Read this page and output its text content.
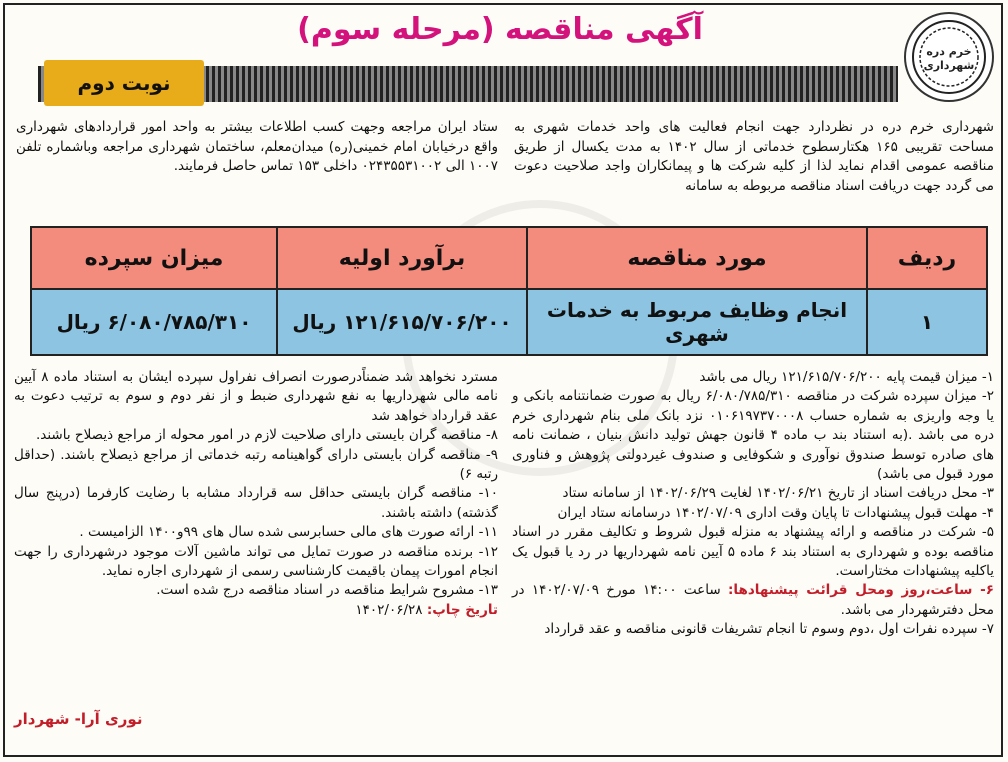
خرم دره
شهرداری
آگهی مناقصه (مرحله سوم)
نوبت دوم
شهرداری خرم دره در نظردارد جهت انجام فعالیت های واحد خدمات شهری به مساحت تقریبی ۱۶۵ هکتارسطوح خدماتی از سال ۱۴۰۲ به مدت یکسال از طریق مناقصه عمومی اقدام نماید لذا از کلیه شرکت ها و پیمانکاران واجد صلاحیت دعوت می گردد جهت دریافت اسناد مناقصه مربوطه به سامانه
ستاد ایران مراجعه وجهت کسب اطلاعات بیشتر به واحد امور قراردادهای شهرداری واقع درخیابان امام خمینی(ره) میدان‌معلم، ساختمان شهرداری مراجعه وباشماره تلفن ۱۰۰۷ الی ۰۲۴۳۵۵۳۱۰۰۲ داخلی ۱۵۳ تماس حاصل فرمایند.
ردیف	مورد مناقصه	برآورد اولیه	میزان سپرده
۱	انجام وظایف مربوط به خدمات شهری	۱۲۱/۶۱۵/۷۰۶/۲۰۰ ریال	۶/۰۸۰/۷۸۵/۳۱۰ ریال

۱- میزان قیمت پایه ۱۲۱/۶۱۵/۷۰۶/۲۰۰ ریال می باشد

۲- میزان سپرده شرکت در مناقصه ۶/۰۸۰/۷۸۵/۳۱۰ ریال به صورت ضمانتنامه بانکی و یا وجه واریزی به شماره حساب ۰۱۰۶۱۹۷۳۷۰۰۰۸ نزد بانک ملی بنام شهرداری خرم دره می باشد .(به استناد بند ب ماده ۴ قانون جهش تولید دانش بنیان ، ضمانت نامه های صادره توسط صندوق نوآوری و شکوفایی و صندوف غیردولتی پژوهش و فناوری مورد قبول می باشد)

۳- محل دریافت اسناد از تاریخ ۱۴۰۲/۰۶/۲۱ لغایت ۱۴۰۲/۰۶/۲۹ از سامانه ستاد

۴- مهلت قبول پیشنهادات تا پایان وقت اداری ۱۴۰۲/۰۷/۰۹ درسامانه ستاد ایران

۵- شرکت در مناقصه و ارائه پیشنهاد به منزله قبول شروط و تکالیف مقرر در اسناد مناقصه بوده و شهرداری به استناد بند ۶ ماده ۵ آیین نامه شهرداریها در رد یا قبول یک یاکلیه پیشنهادات مختاراست.

۶- ساعت،روز ومحل قرائت پیشنهادها: ساعت ۱۴:۰۰ مورخ ۱۴۰۲/۰۷/۰۹ در محل دفترشهردار می باشد.

۷- سپرده نفرات اول ،دوم وسوم تا انجام تشریفات قانونی مناقصه و عقد قرارداد

مسترد نخواهد شد ضمناًدرصورت انصراف نفراول سپرده ایشان به استناد ماده ۸ آیین نامه مالی شهرداریها به نفع شهرداری ضبط و از نفر دوم و سوم به ترتیب دعوت به عقد قرارداد خواهد شد

۸- مناقصه گران بایستی دارای صلاحیت لازم در امور محوله از مراجع ذیصلاح باشند.

۹- مناقصه گران بایستی دارای گواهینامه رتبه خدماتی از مراجع ذیصلاح باشند. (حداقل رتبه ۶)

۱۰- مناقصه گران بایستی حداقل سه قرارداد مشابه با رضایت کارفرما (درپنج سال گذشته) داشته باشند.

۱۱- ارائه صورت های مالی حسابرسی شده سال های ۹۹و۱۴۰۰ الزامیست .

۱۲- برنده مناقصه در صورت تمایل می تواند ماشین آلات موجود درشهرداری را جهت انجام امورات پیمان باقیمت کارشناسی رسمی از شهرداری اجاره نماید.

۱۳- مشروح شرایط مناقصه در اسناد مناقصه درج شده است.

تاریخ چاپ: ۱۴۰۲/۰۶/۲۸

نوری آرا- شهردار
